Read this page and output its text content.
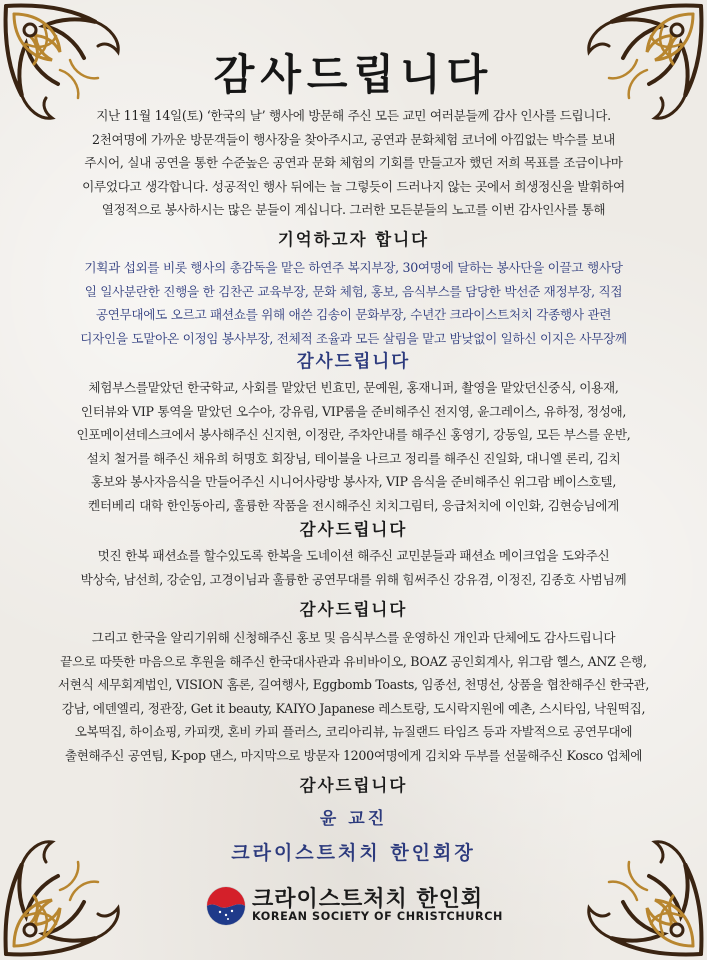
감사드립니다
지난 11월 14일(토) ‘한국의 날’ 행사에 방문해 주신 모든 교민 여러분들께 감사 인사를 드립니다.
2천여명에 가까운 방문객들이 행사장을 찾아주시고, 공연과 문화체험 코너에 아낌없는 박수를 보내
주시어, 실내 공연을 통한 수준높은 공연과 문화 체험의 기회를 만들고자 했던 저희 목표를 조금이나마
이루었다고 생각합니다. 성공적인 행사 뒤에는 늘 그렇듯이 드러나지 않는 곳에서 희생정신을 발휘하여
열정적으로 봉사하시는 많은 분들이 계십니다. 그러한 모든분들의 노고를 이번 감사인사를 통해
기억하고자 합니다
기획과 섭외를 비롯 행사의 총감독을 맡은 하연주 복지부장, 30여명에 달하는 봉사단을 이끌고 행사당
일 일사분란한 진행을 한 김찬곤 교육부장, 문화 체험, 홍보, 음식부스를 담당한 박선준 재정부장, 직접
공연무대에도 오르고 패션쇼를 위해 애쓴 김송이 문화부장, 수년간 크라이스트처치 각종행사 관련
디자인을 도맡아온 이정임 봉사부장, 전체적 조율과 모든 살림을 맡고 밤낮없이 일하신 이지은 사무장께
감사드립니다
체험부스를맡았던 한국학교, 사회를 맡았던 빈효민, 문예원, 홍재니퍼, 촬영을 맡았던신중식, 이용재,
인터뷰와 VIP 통역을 맡았던 오수아, 강유림, VIP룸을 준비해주신 전지영, 윤그레이스, 유하정, 정성애,
인포메이션데스크에서 봉사해주신 신지현, 이정란, 주차안내를 해주신 홍영기, 강동일, 모든 부스를 운반,
설치 철거를 해주신 채유희 허명호 회장님, 테이블을 나르고 정리를 해주신 진일화, 대니엘 론리, 김치
홍보와 봉사자음식을 만들어주신 시니어사랑방 봉사자, VIP 음식을 준비해주신 위그람 베이스호텔,
켄터베리 대학 한인동아리, 훌륭한 작품을 전시해주신 치치그림터, 응급처치에 이인화, 김현승님에게
감사드립니다
멋진 한복 패션쇼를 할수있도록 한복을 도네이션 해주신 교민분들과 패션쇼 메이크업을 도와주신
박상숙, 남선희, 강순임, 고경이님과 훌륭한 공연무대를 위해 힘써주신 강유겸, 이정진, 김종호 사범님께
감사드립니다
그리고 한국을 알리기위해 신청해주신 홍보 및 음식부스를 운영하신 개인과 단체에도 감사드립니다
끝으로 따뜻한 마음으로 후원을 해주신 한국대사관과 유비바이오, BOAZ 공인회계사, 위그람 헬스, ANZ 은행,
서현식 세무회계법인, VISION 홈론, 길여행사, Eggbomb Toasts, 임종선, 천명선, 상품을 협찬해주신 한국관,
강남, 에덴엘리, 정관장, Get it beauty, KAIYO Japanese 레스토랑, 도시락지원에 예촌, 스시타임, 낙원떡집,
오복떡집, 하이쇼핑, 카피캣, 혼비 카피 플러스, 코리아리뷰, 뉴질랜드 타임즈 등과 자발적으로 공연무대에
출현해주신 공연팀, K-pop 댄스, 마지막으로 방문자 1200여명에게 김치와 두부를 선물해주신 Kosco 업체에
감사드립니다
윤 교진
크라이스트처치 한인회장
크라이스트처치 한인회
KOREAN SOCIETY OF CHRISTCHURCH
